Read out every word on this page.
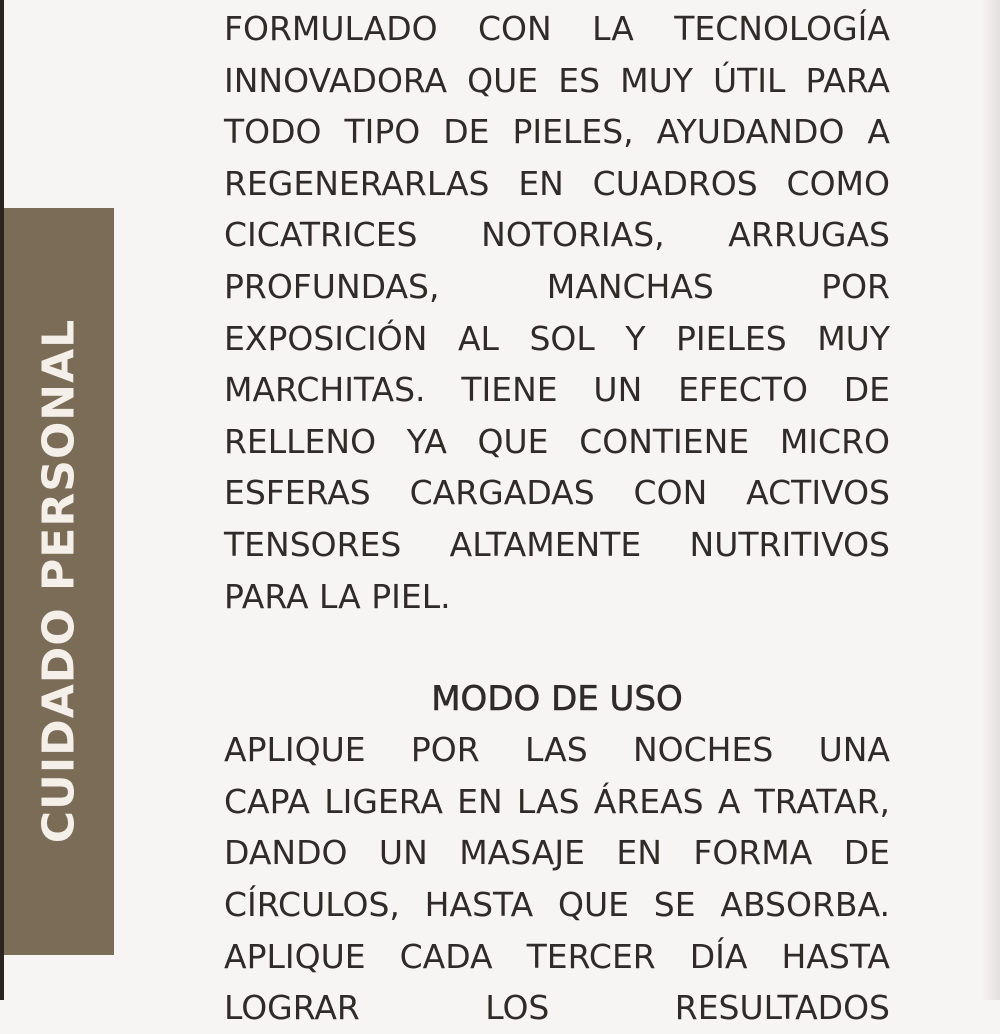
CUIDADO PERSONAL
FORMULADO CON LA TECNOLOGÍA
INNOVADORA QUE ES MUY ÚTIL PARA
TODO TIPO DE PIELES, AYUDANDO A
REGENERARLAS EN CUADROS COMO
CICATRICES NOTORIAS, ARRUGAS
PROFUNDAS, MANCHAS POR
EXPOSICIÓN AL SOL Y PIELES MUY
MARCHITAS. TIENE UN EFECTO DE
RELLENO YA QUE CONTIENE MICRO
ESFERAS CARGADAS CON ACTIVOS
TENSORES ALTAMENTE NUTRITIVOS
PARA LA PIEL.
MODO DE USO
APLIQUE POR LAS NOCHES UNA
CAPA LIGERA EN LAS ÁREAS A TRATAR,
DANDO UN MASAJE EN FORMA DE
CÍRCULOS, HASTA QUE SE ABSORBA.
APLIQUE CADA TERCER DÍA HASTA
LOGRAR LOS RESULTADOS
